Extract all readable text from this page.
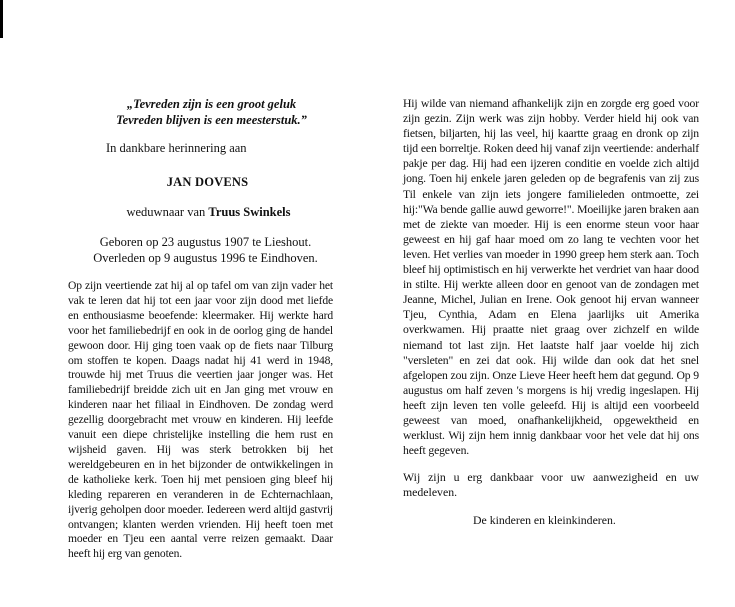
„Tevreden zijn is een groot geluk
Tevreden blijven is een meesterstuk.”
In dankbare herinnering aan
JAN DOVENS
weduwnaar van Truus Swinkels
Geboren op 23 augustus 1907 te Lieshout.
Overleden op 9 augustus 1996 te Eindhoven.
Op zijn veertiende zat hij al op tafel om van zijn vader het vak te leren dat hij tot een jaar voor zijn dood met liefde en enthousiasme beoefende: kleermaker. Hij werkte hard voor het familiebedrijf en ook in de oorlog ging de handel gewoon door. Hij ging toen vaak op de fiets naar Tilburg om stoffen te kopen. Daags nadat hij 41 werd in 1948, trouwde hij met Truus die veertien jaar jonger was. Het familiebedrijf breidde zich uit en Jan ging met vrouw en kinderen naar het filiaal in Eindhoven. De zondag werd gezellig doorgebracht met vrouw en kinderen. Hij leefde vanuit een diepe christelijke instelling die hem rust en wijsheid gaven. Hij was sterk betrokken bij het wereldgebeuren en in het bijzonder de ontwikkelingen in de katholieke kerk. Toen hij met pensioen ging bleef hij kleding repareren en veranderen in de Echternachlaan, ijverig geholpen door moeder. Iedereen werd altijd gastvrij ontvangen; klanten werden vrienden. Hij heeft toen met moeder en Tjeu een aantal verre reizen gemaakt. Daar heeft hij erg van genoten.
Hij wilde van niemand afhankelijk zijn en zorgde erg goed voor zijn gezin. Zijn werk was zijn hobby. Verder hield hij ook van fietsen, biljarten, hij las veel, hij kaartte graag en dronk op zijn tijd een borreltje. Roken deed hij vanaf zijn veertiende: anderhalf pakje per dag. Hij had een ijzeren conditie en voelde zich altijd jong. Toen hij enkele jaren geleden op de begrafenis van zij zus Til enkele van zijn iets jongere familieleden ontmoette, zei hij:"Wa bende gallie auwd geworre!". Moeilijke jaren braken aan met de ziekte van moeder. Hij is een enorme steun voor haar geweest en hij gaf haar moed om zo lang te vechten voor het leven. Het verlies van moeder in 1990 greep hem sterk aan. Toch bleef hij optimistisch en hij verwerkte het verdriet van haar dood in stilte. Hij werkte alleen door en genoot van de zondagen met Jeanne, Michel, Julian en Irene. Ook genoot hij ervan wanneer Tjeu, Cynthia, Adam en Elena jaarlijks uit Amerika overkwamen. Hij praatte niet graag over zichzelf en wilde niemand tot last zijn. Het laatste half jaar voelde hij zich "versleten" en zei dat ook. Hij wilde dan ook dat het snel afgelopen zou zijn. Onze Lieve Heer heeft hem dat gegund. Op 9 augustus om half zeven 's morgens is hij vredig ingeslapen. Hij heeft zijn leven ten volle geleefd. Hij is altijd een voorbeeld geweest van moed, onafhankelijkheid, opgewektheid en werklust. Wij zijn hem innig dankbaar voor het vele dat hij ons heeft gegeven.
Wij zijn u erg dankbaar voor uw aanwezigheid en uw medeleven.
De kinderen en kleinkinderen.
